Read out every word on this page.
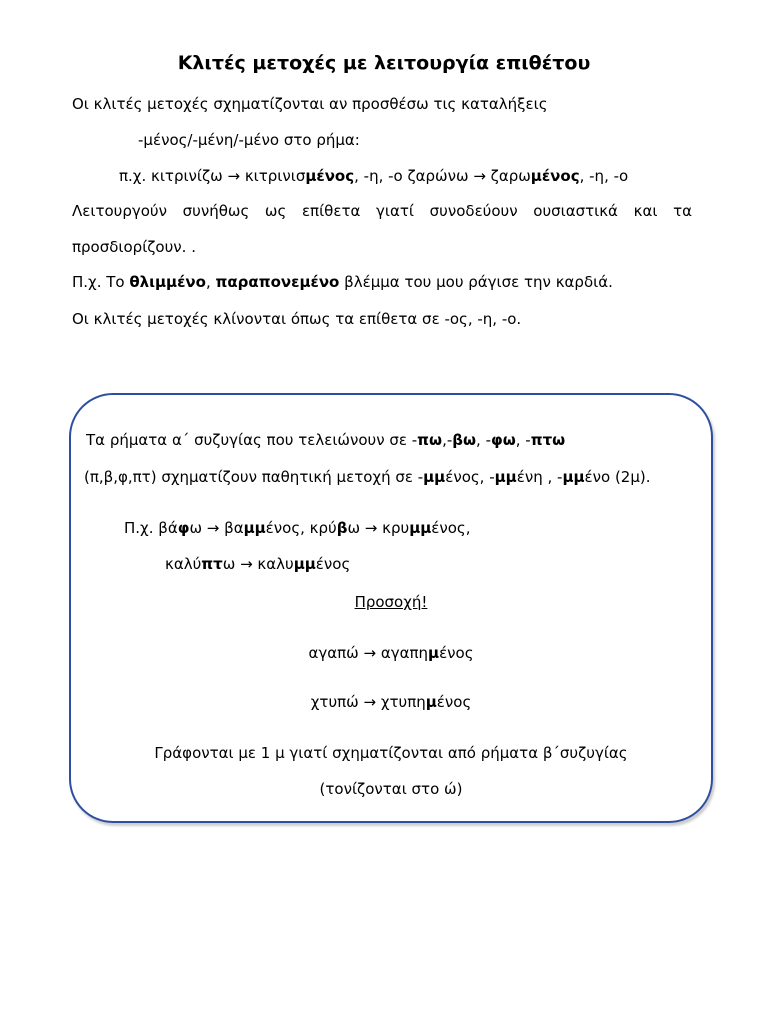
Κλιτές μετοχές με λειτουργία επιθέτου
Οι κλιτές μετοχές σχηματίζονται αν προσθέσω τις καταλήξεις
-μένος/-μένη/-μένο στο ρήμα:
π.χ. κιτρινίζω → κιτρινισμένος, -η, -ο ζαρώνω → ζαρωμένος, -η, -ο
Λειτουργούν συνήθως ως επίθετα γιατί συνοδεύουν ουσιαστικά και τα
προσδιορίζουν. .
Π.χ. Το θλιμμένο, παραπονεμένο βλέμμα του μου ράγισε την καρδιά.
Οι κλιτές μετοχές κλίνονται όπως τα επίθετα σε -ος, -η, -ο.
Τα ρήματα α΄ συζυγίας που τελειώνουν σε -πω,-βω, -φω, -πτω
(π,β,φ,πτ) σχηματίζουν παθητική μετοχή σε -μμένος, -μμένη , -μμένο (2μ).
Π.χ. βάφω → βαμμένος, κρύβω → κρυμμένος,
καλύπτω → καλυμμένος
Προσοχή!
αγαπώ → αγαπημένος
χτυπώ → χτυπημένος
Γράφονται με 1 μ γιατί σχηματίζονται από ρήματα β΄συζυγίας
(τονίζονται στο ώ)
